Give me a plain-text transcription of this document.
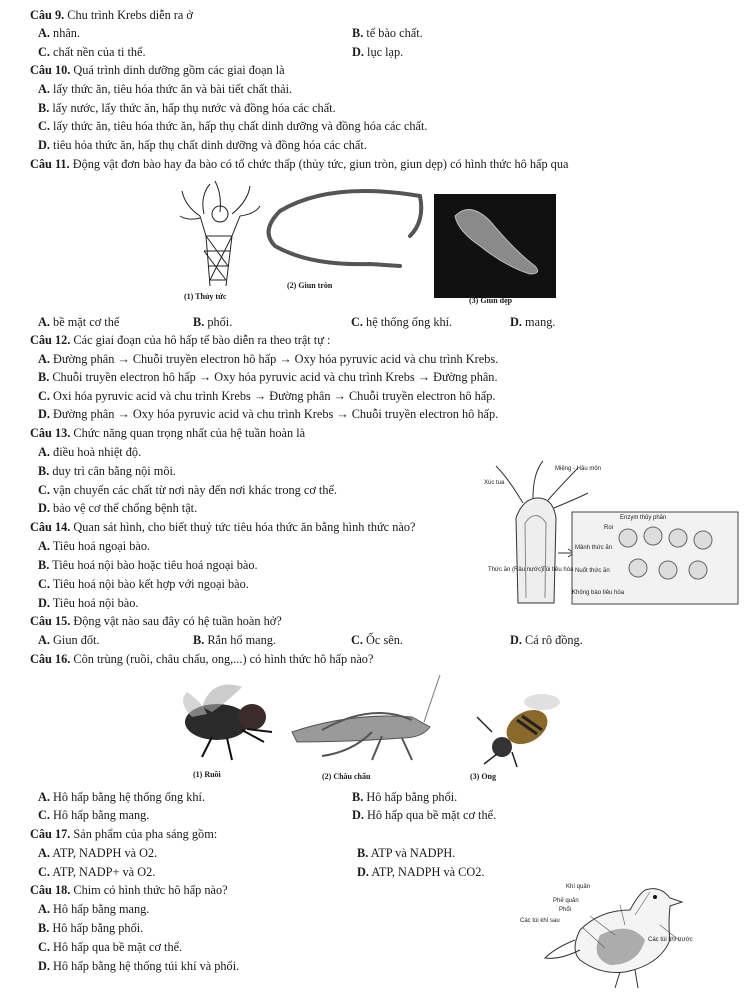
Câu 9. Chu trình Krebs diễn ra ở
A. nhân.	B. tế bào chất.
C. chất nền của ti thể.	D. lục lạp.
Câu 10. Quá trình dinh dưỡng gồm các giai đoạn là
A. lấy thức ăn, tiêu hóa thức ăn và bài tiết chất thải.
B. lấy nước, lấy thức ăn, hấp thụ nước và đồng hóa các chất.
C. lấy thức ăn, tiêu hóa thức ăn, hấp thụ chất dinh dưỡng và đồng hóa các chất.
D. tiêu hóa thức ăn, hấp thụ chất dinh dưỡng và đồng hóa các chất.
Câu 11. Động vật đơn bào hay đa bào có tổ chức thấp (thủy tức, giun tròn, giun dẹp) có hình thức hô hấp qua
(1) Thủy tức
(2) Giun tròn
(3) Giun dẹp
A. bề mặt cơ thể	B. phổi.	C. hệ thống ống khí.	D. mang.
Câu 12. Các giai đoạn của hô hấp tế bào diễn ra theo trật tự :
A. Đường phân → Chuỗi truyền electron hô hấp → Oxy hóa pyruvic acid và chu trình Krebs.
B. Chuỗi truyền electron hô hấp → Oxy hóa pyruvic acid và chu trình Krebs → Đường phân.
C. Oxi hóa pyruvic acid và chu trình Krebs → Đường phân → Chuỗi truyền electron hô hấp.
D. Đường phân → Oxy hóa pyruvic acid và chu trình Krebs → Chuỗi truyền electron hô hấp.
Câu 13. Chức năng quan trọng nhất của hệ tuần hoàn là
A. điều hoà nhiệt độ.
B. duy trì cân bằng nội môi.
C. vận chuyển các chất từ nơi này đến nơi khác trong cơ thể.
D. bảo vệ cơ thể chống bệnh tật.
Câu 14. Quan sát hình, cho biết thuỷ tức tiêu hóa thức ăn bằng hình thức nào?
A. Tiêu hoá ngoại bào.
B. Tiêu hoá nội bào hoặc tiêu hoá ngoại bào.
C. Tiêu hoá nội bào kết hợp với ngoại bào.
D. Tiêu hoá nội bào.
Miệng - Hậu môn
Xúc tua
Roi
Enzym thủy phân
Mảnh thức ăn
Nuốt thức ăn
Thức ăn (Râu nước) Túi tiêu hóa
Không bào tiêu hóa
Câu 15. Động vật nào sau đây có hệ tuần hoàn hở?
A. Giun đốt.	B. Rắn hổ mang.	C. Ốc sên.	D. Cá rô đồng.
Câu 16. Côn trùng (ruồi, châu chấu, ong,...) có hình thức hô hấp nào?
(1) Ruồi	(2) Châu chấu	(3) Ong
A. Hô hấp bằng hệ thống ống khí.	B. Hô hấp bằng phổi.
C. Hô hấp bằng mang.	D. Hô hấp qua bề mặt cơ thể.
Câu 17. Sản phẩm của pha sáng gồm:
A. ATP, NADPH và O2.	B. ATP và NADPH.
C. ATP, NADP+ và O2.	D. ATP, NADPH và CO2.
Câu 18. Chim có hình thức hô hấp nào?
A. Hô hấp bằng mang.
B. Hô hấp bằng phổi.
C. Hô hấp qua bề mặt cơ thể.
D. Hô hấp bằng hệ thống túi khí và phổi.
Khí quản
Phế quản
Phổi
Các túi khí sau
Các túi khí trước
